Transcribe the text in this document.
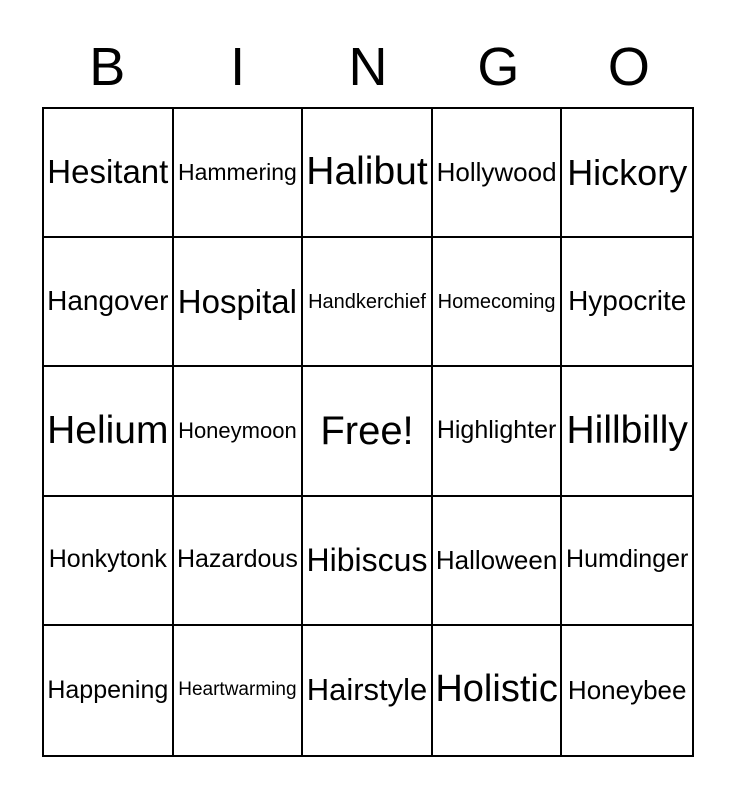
B	I	N	G	O
Hesitant Hammering Halibut Hollywood Hickory
Hangover Hospital Handkerchief Homecoming Hypocrite
Helium Honeymoon Free! Highlighter Hillbilly
Honkytonk Hazardous Hibiscus Halloween Humdinger
Happening Heartwarming Hairstyle Holistic Honeybee
